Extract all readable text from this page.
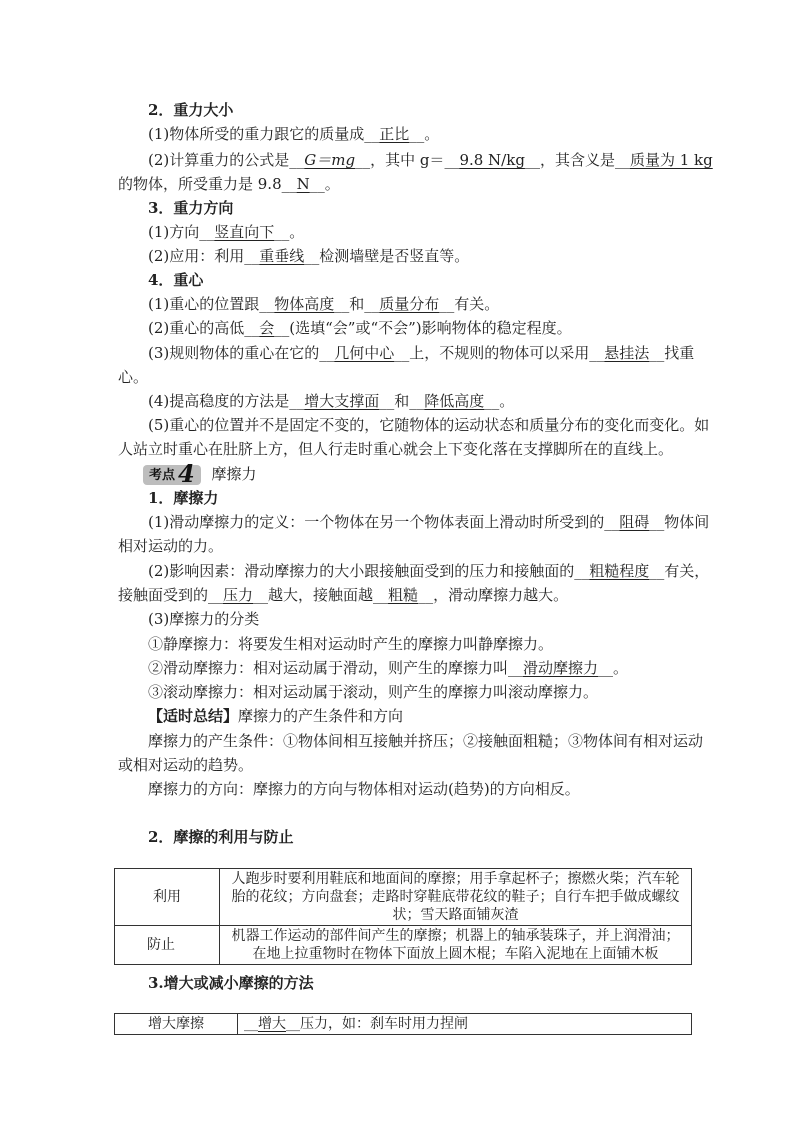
2．重力大小
(1)物体所受的重力跟它的质量成__正比__。
(2)计算重力的公式是__G＝mg__，其中 g＝__9.8 N/kg__，其含义是__质量为 1 kg
的物体，所受重力是 9.8__N__。
3．重力方向
(1)方向__竖直向下__。
(2)应用：利用__重垂线__检测墙壁是否竖直等。
4．重心
(1)重心的位置跟__物体高度__和__质量分布__有关。
(2)重心的高低__会__(选填“会”或“不会”)影响物体的稳定程度。
(3)规则物体的重心在它的__几何中心__上，不规则的物体可以采用__悬挂法__找重
心。
(4)提高稳度的方法是__增大支撑面__和__降低高度__。
(5)重心的位置并不是固定不变的，它随物体的运动状态和质量分布的变化而变化。如
人站立时重心在肚脐上方，但人行走时重心就会上下变化落在支撑脚所在的直线上。
考点 4 摩擦力
1．摩擦力
(1)滑动摩擦力的定义：一个物体在另一个物体表面上滑动时所受到的__阻碍__物体间
相对运动的力。
(2)影响因素：滑动摩擦力的大小跟接触面受到的压力和接触面的__粗糙程度__有关，
接触面受到的__压力__越大，接触面越__粗糙__，滑动摩擦力越大。
(3)摩擦力的分类
①静摩擦力：将要发生相对运动时产生的摩擦力叫静摩擦力。
②滑动摩擦力：相对运动属于滑动，则产生的摩擦力叫__滑动摩擦力__。
③滚动摩擦力：相对运动属于滚动，则产生的摩擦力叫滚动摩擦力。
【适时总结】摩擦力的产生条件和方向
摩擦力的产生条件：①物体间相互接触并挤压；②接触面粗糙；③物体间有相对运动
或相对运动的趋势。
摩擦力的方向：摩擦力的方向与物体相对运动(趋势)的方向相反。
2．摩擦的利用与防止
利用	人跑步时要利用鞋底和地面间的摩擦；用手拿起杯子；擦燃火柴；汽车轮
胎的花纹；方向盘套；走路时穿鞋底带花纹的鞋子；自行车把手做成螺纹
状；雪天路面铺灰渣

防止	机器工作运动的部件间产生的摩擦；机器上的轴承装珠子，并上润滑油；
在地上拉重物时在物体下面放上圆木棍；车陷入泥地在上面铺木板
3.增大或减小摩擦的方法
增大摩擦	__增大__压力，如：刹车时用力捏闸
